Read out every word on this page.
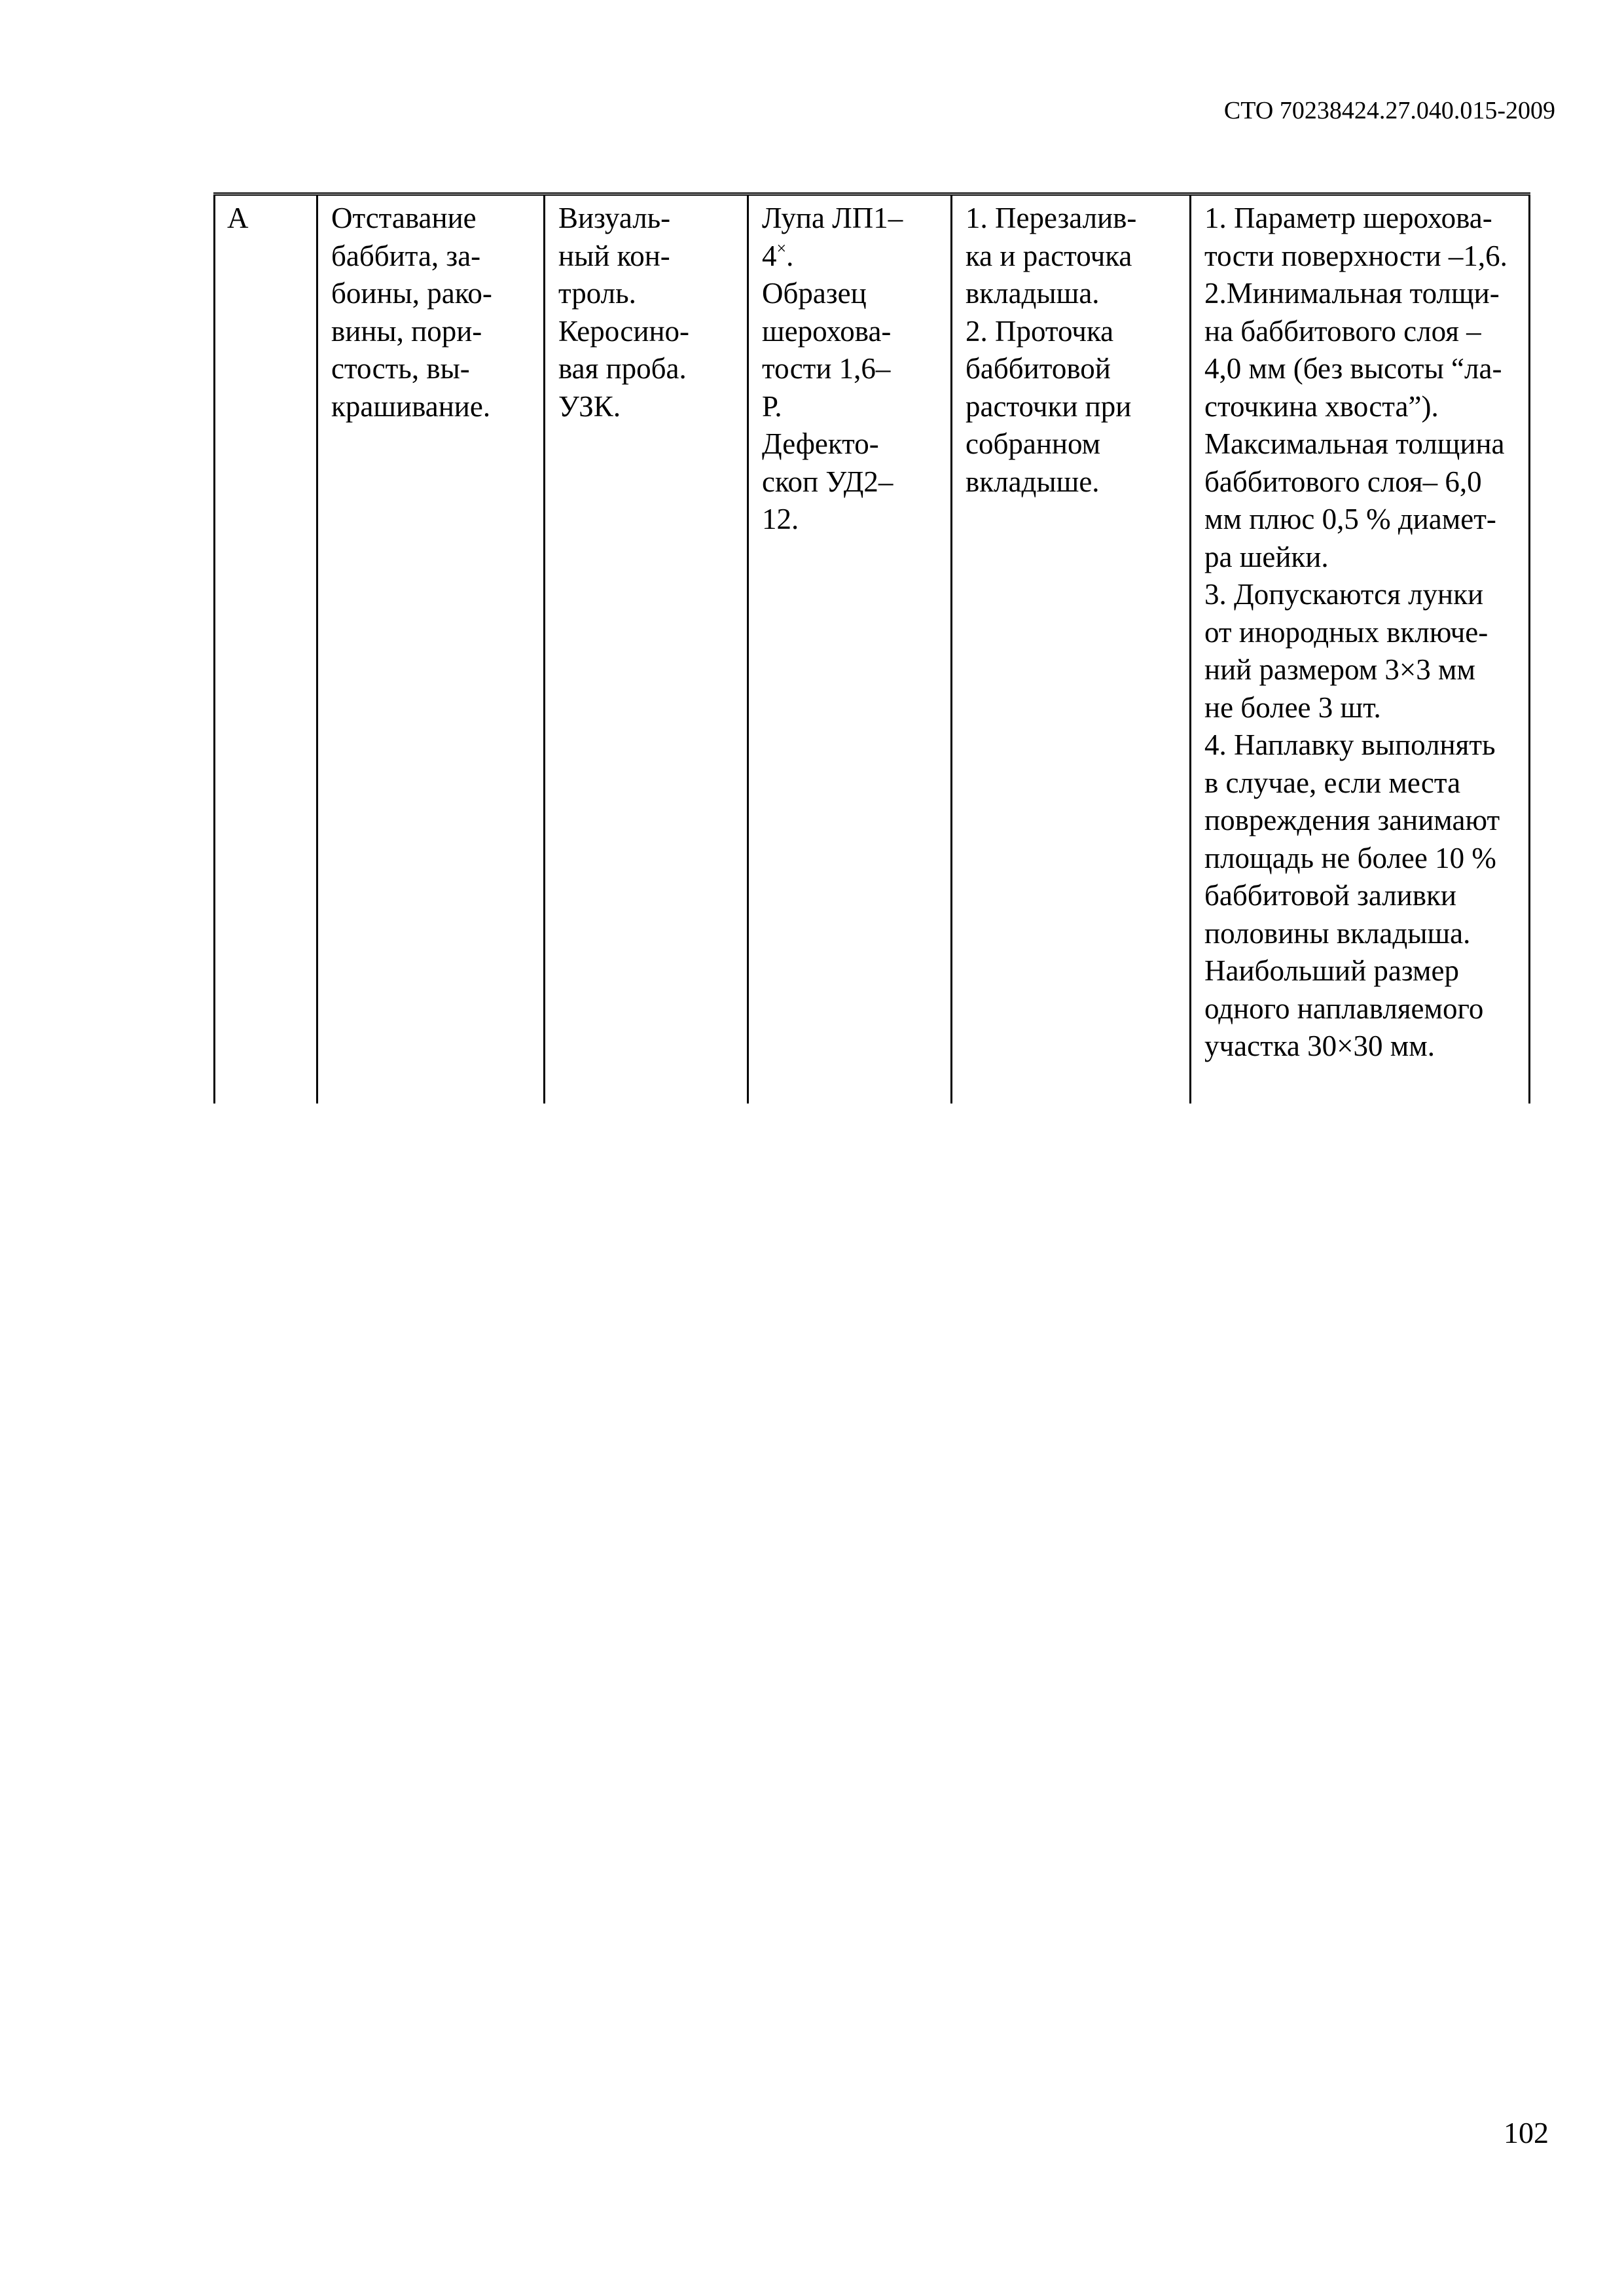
СТО 70238424.27.040.015-2009
А	Отставание
баббита, за-
боины, рако-
вины, пори-
стость, вы-
крашивание.	Визуаль-
ный кон-
троль.
Керосино-
вая проба.
УЗК.	Лупа ЛП1–
4×.
Образец
шерохова-
тости 1,6–
Р.
Дефекто-
скоп УД2–
12.	1. Перезалив-
ка и расточка
вкладыша.
2. Проточка
баббитовой
расточки при
собранном
вкладыше.	1. Параметр шерохова-
тости поверхности –1,6.
2.Минимальная толщи-
на баббитового слоя –
4,0 мм (без высоты “ла-
сточкина хвоста”).
Максимальная толщина
баббитового слоя– 6,0
мм плюс 0,5 % диамет-
ра шейки.
3. Допускаются лунки
от инородных включе-
ний размером 3×3 мм
не более 3 шт.
4. Наплавку выполнять
в случае, если места
повреждения занимают
площадь не более 10 %
баббитовой заливки
половины вкладыша.
Наибольший размер
одного наплавляемого
участка 30×30 мм.
102
